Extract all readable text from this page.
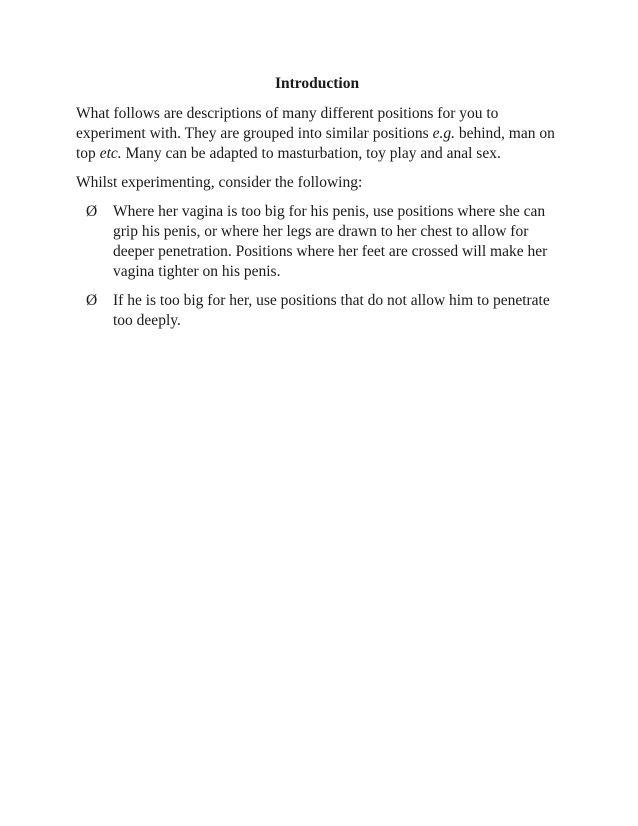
Introduction

What follows are descriptions of many different positions for you to experiment with. They are grouped into similar positions e.g. behind, man on top etc. Many can be adapted to masturbation, toy play and anal sex.

Whilst experimenting, consider the following:

Ø Where her vagina is too big for his penis, use positions where she can grip his penis, or where her legs are drawn to her chest to allow for deeper penetration. Positions where her feet are crossed will make her vagina tighter on his penis.
Ø If he is too big for her, use positions that do not allow him to penetrate too deeply.
